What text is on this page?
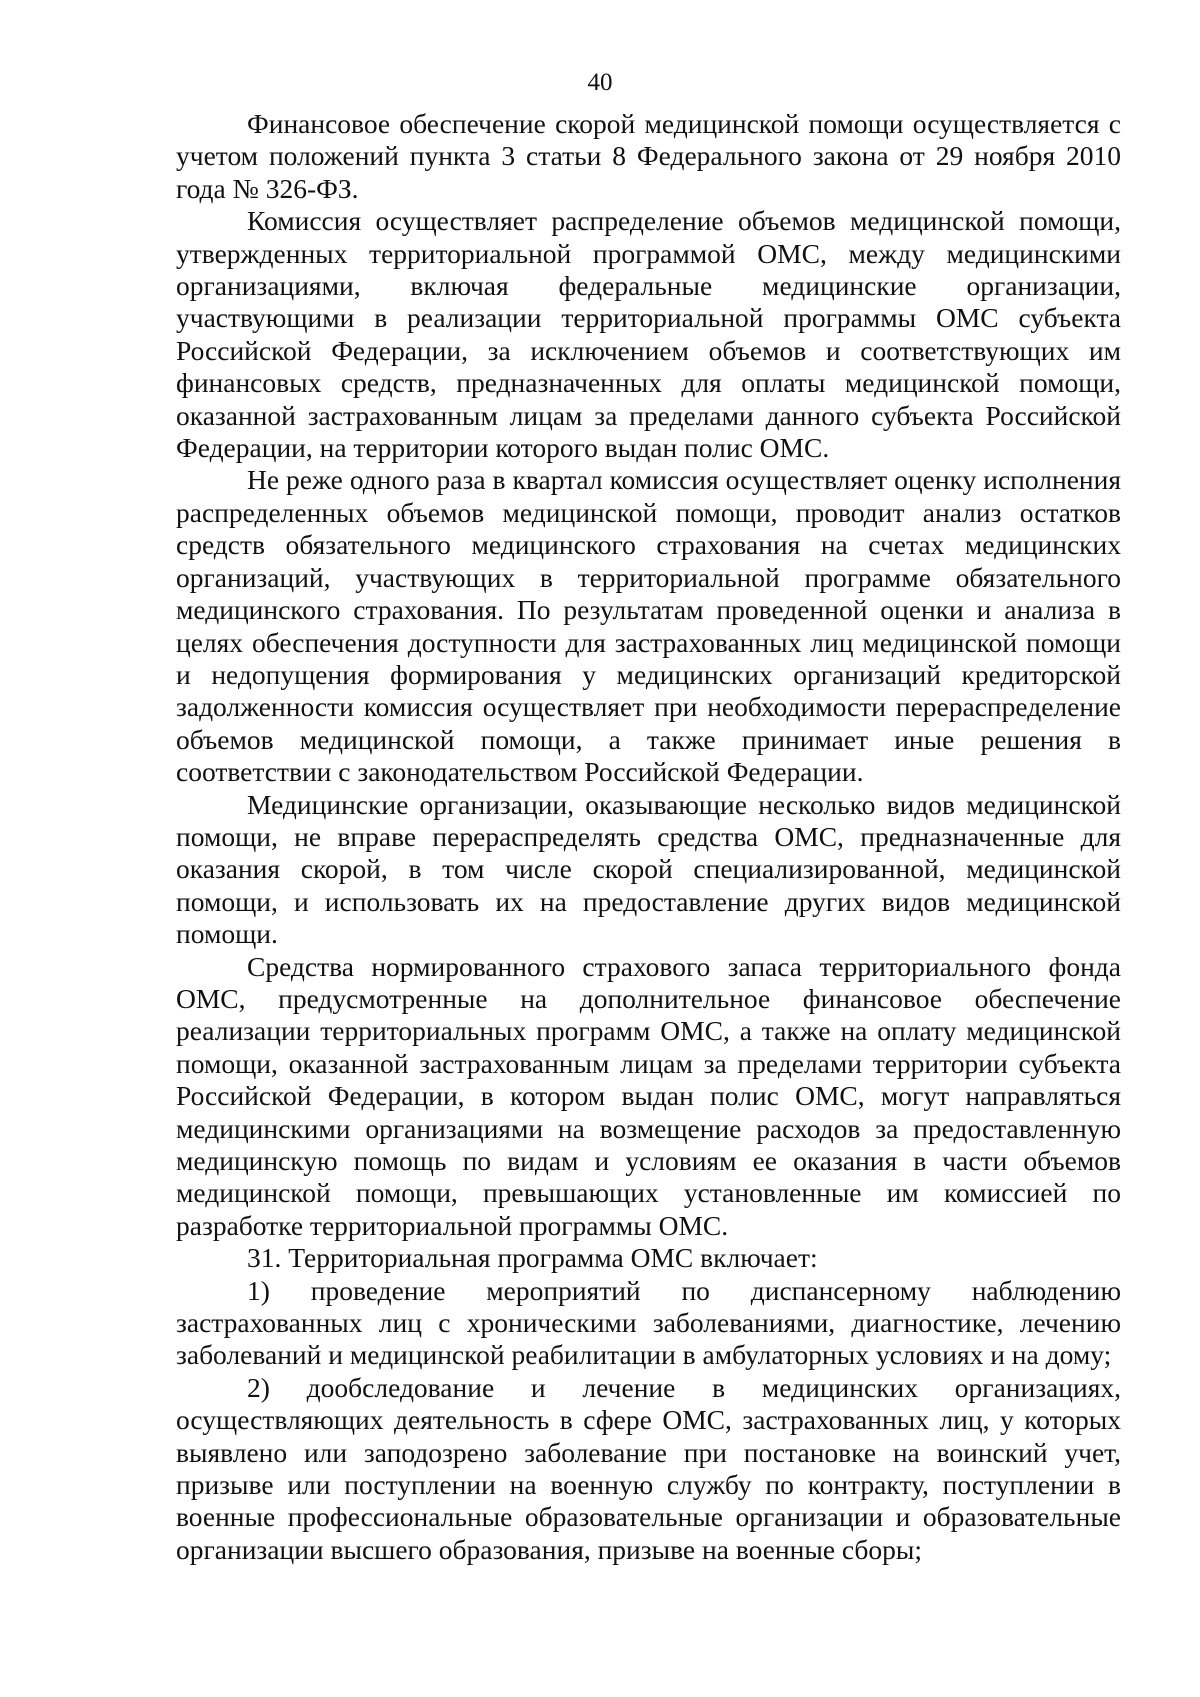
40

Финансовое обеспечение скорой медицинской помощи осуществляется с учетом положений пункта 3 статьи 8 Федерального закона от 29 ноября 2010 года № 326-ФЗ.

Комиссия осуществляет распределение объемов медицинской помощи, утвержденных территориальной программой ОМС, между медицинскими организациями, включая федеральные медицинские организации, участвующими в реализации территориальной программы ОМС субъекта Российской Федерации, за исключением объемов и соответствующих им финансовых средств, предназначенных для оплаты медицинской помощи, оказанной застрахованным лицам за пределами данного субъекта Российской Федерации, на территории которого выдан полис ОМС.

Не реже одного раза в квартал комиссия осуществляет оценку исполнения распределенных объемов медицинской помощи, проводит анализ остатков средств обязательного медицинского страхования на счетах медицинских организаций, участвующих в территориальной программе обязательного медицинского страхования. По результатам проведенной оценки и анализа в целях обеспечения доступности для застрахованных лиц медицинской помощи и недопущения формирования у медицинских организаций кредиторской задолженности комиссия осуществляет при необходимости перераспределение объемов медицинской помощи, а также принимает иные решения в соответствии с законодательством Российской Федерации.

Медицинские организации, оказывающие несколько видов медицинской помощи, не вправе перераспределять средства ОМС, предназначенные для оказания скорой, в том числе скорой специализированной, медицинской помощи, и использовать их на предоставление других видов медицинской помощи.

Средства нормированного страхового запаса территориального фонда ОМС, предусмотренные на дополнительное финансовое обеспечение реализации территориальных программ ОМС, а также на оплату медицинской помощи, оказанной застрахованным лицам за пределами территории субъекта Российской Федерации, в котором выдан полис ОМС, могут направляться медицинскими организациями на возмещение расходов за предоставленную медицинскую помощь по видам и условиям ее оказания в части объемов медицинской помощи, превышающих установленные им комиссией по разработке территориальной программы ОМС.

31. Территориальная программа ОМС включает:

1) проведение мероприятий по диспансерному наблюдению застрахованных лиц с хроническими заболеваниями, диагностике, лечению заболеваний и медицинской реабилитации в амбулаторных условиях и на дому;

2) дообследование и лечение в медицинских организациях, осуществляющих деятельность в сфере ОМС, застрахованных лиц, у которых выявлено или заподозрено заболевание при постановке на воинский учет, призыве или поступлении на военную службу по контракту, поступлении в военные профессиональные образовательные организации и образовательные организации высшего образования, призыве на военные сборы;
